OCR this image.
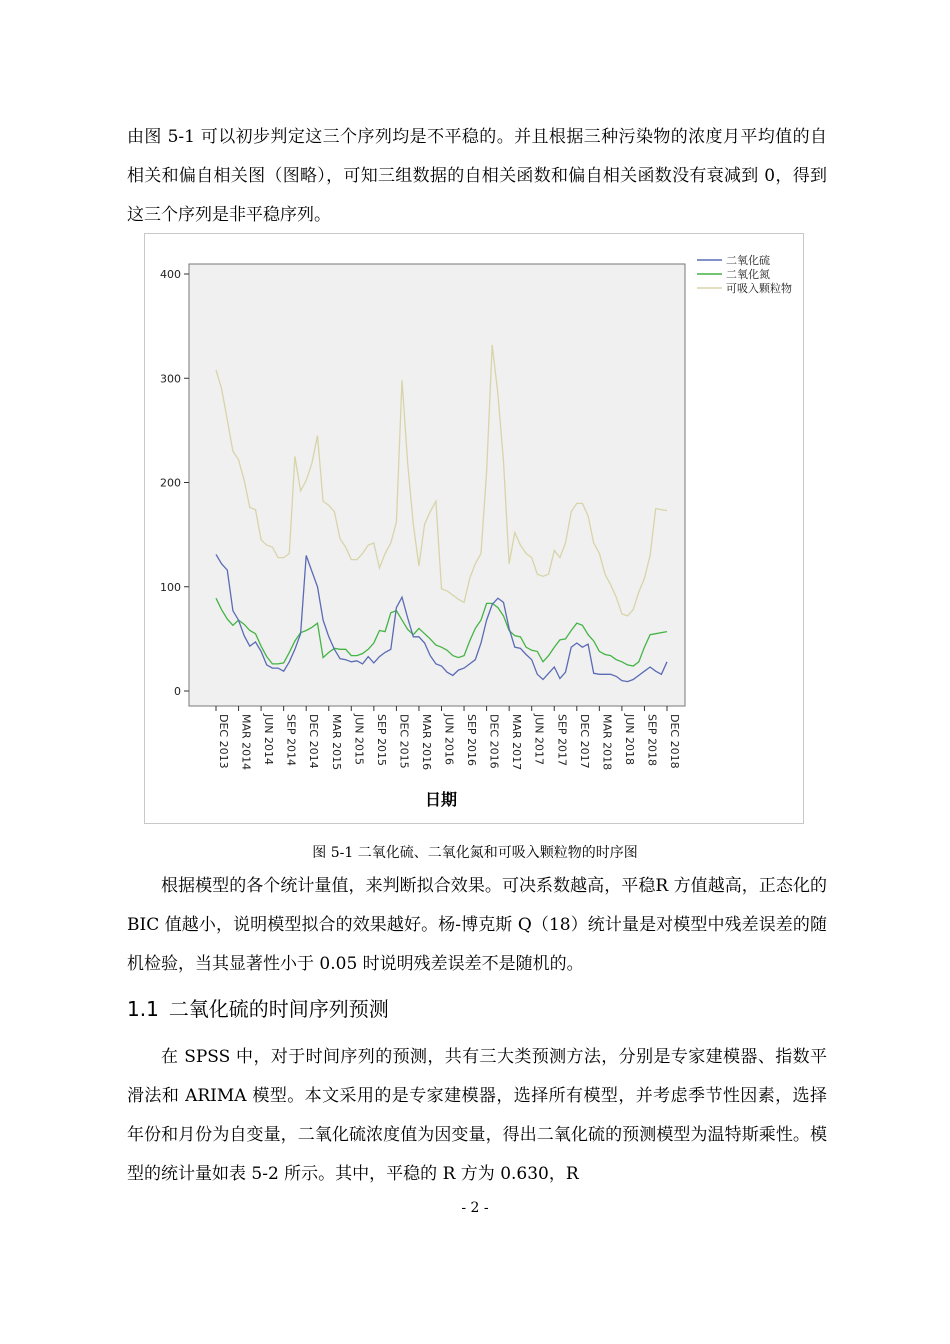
由图 5-1 可以初步判定这三个序列均是不平稳的。并且根据三种污染物的浓度月平均值的自相关和偏自相关图（图略），可知三组数据的自相关函数和偏自相关函数没有衰减到 0，得到这三个序列是非平稳序列。

0
100
200
300
400
DEC 2013 MAR 2014 JUN 2014 SEP 2014 DEC 2014 MAR 2015 JUN 2015 SEP 2015 DEC 2015 MAR 2016 JUN 2016 SEP 2016 DEC 2016 MAR 2017 JUN 2017 SEP 2017 DEC 2017 MAR 2018 JUN 2018 SEP 2018 DEC 2018
二氧化硫
二氧化氮
可吸入颗粒物
日期
图 5-1 二氧化硫、二氧化氮和可吸入颗粒物的时序图

根据模型的各个统计量值，来判断拟合效果。可决系数越高，平稳R 方值越高，正态化的 BIC 值越小，说明模型拟合的效果越好。杨-博克斯 Q（18）统计量是对模型中残差误差的随机检验，当其显著性小于 0.05 时说明残差误差不是随机的。

1.1 二氧化硫的时间序列预测

在 SPSS 中，对于时间序列的预测，共有三大类预测方法，分别是专家建模器、指数平滑法和 ARIMA 模型。本文采用的是专家建模器，选择所有模型，并考虑季节性因素，选择年份和月份为自变量，二氧化硫浓度值为因变量，得出二氧化硫的预测模型为温特斯乘性。模型的统计量如表 5-2 所示。其中，平稳的 R 方为 0.630，R

- 2 -
